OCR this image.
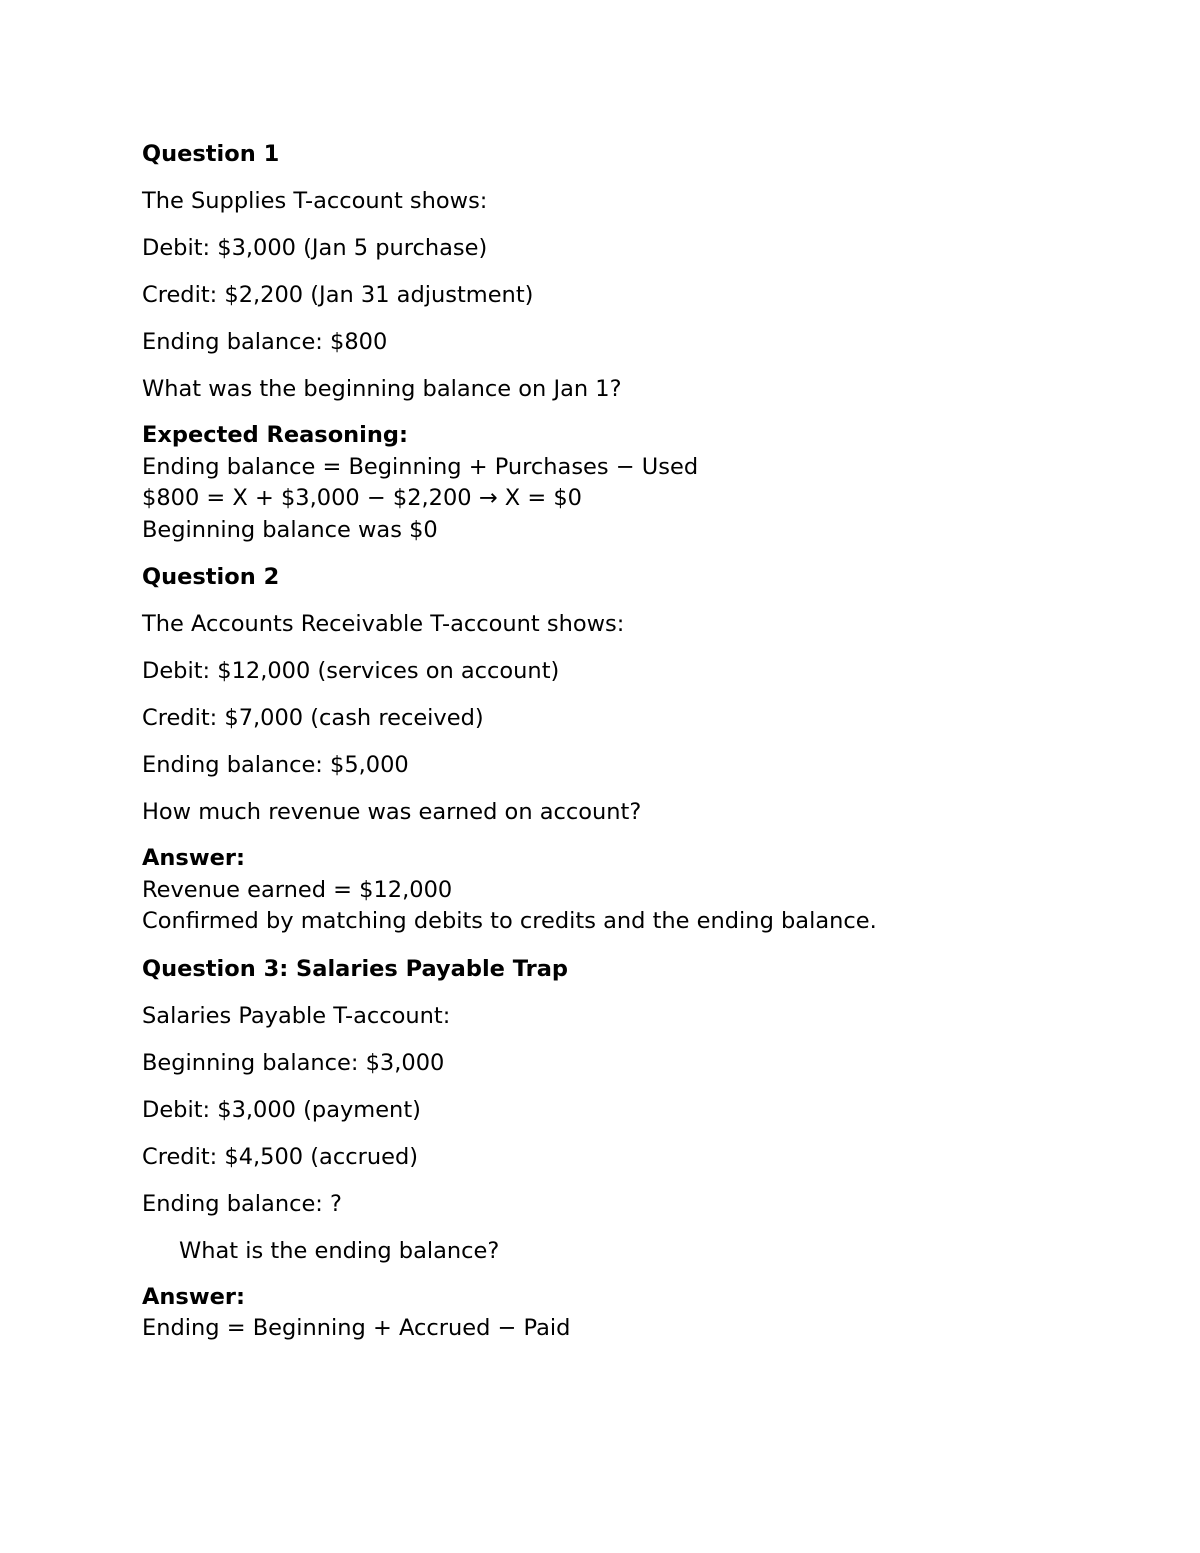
Question 1
The Supplies T-account shows:
Debit: $3,000 (Jan 5 purchase)
Credit: $2,200 (Jan 31 adjustment)
Ending balance: $800
What was the beginning balance on Jan 1?
Expected Reasoning:
Ending balance = Beginning + Purchases − Used
$800 = X + $3,000 − $2,200 → X = $0
Beginning balance was $0
Question 2
The Accounts Receivable T-account shows:
Debit: $12,000 (services on account)
Credit: $7,000 (cash received)
Ending balance: $5,000
How much revenue was earned on account?
Answer:
Revenue earned = $12,000
Confirmed by matching debits to credits and the ending balance.
Question 3: Salaries Payable Trap
Salaries Payable T-account:
Beginning balance: $3,000
Debit: $3,000 (payment)
Credit: $4,500 (accrued)
Ending balance: ?
What is the ending balance?
Answer:
Ending = Beginning + Accrued − Paid
